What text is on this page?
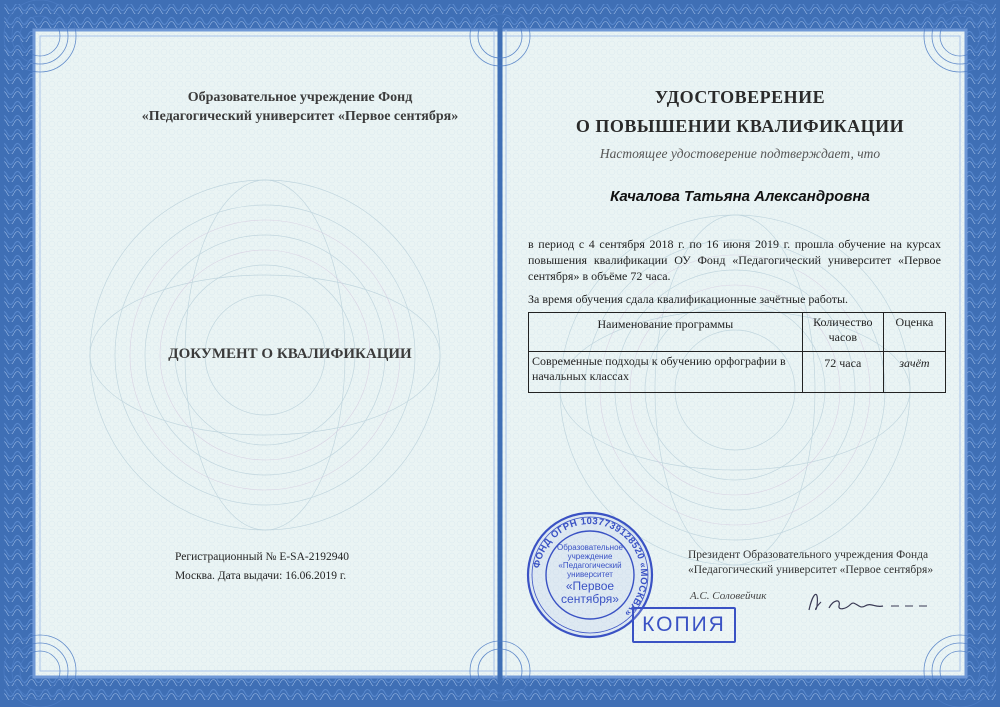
Образовательное учреждение Фонд
«Педагогический университет «Первое сентября»
ДОКУМЕНТ О КВАЛИФИКАЦИИ
Регистрационный № E-SA-2192940
Москва. Дата выдачи: 16.06.2019 г.
УДОСТОВЕРЕНИЕ
О ПОВЫШЕНИИ КВАЛИФИКАЦИИ
Настоящее удостоверение подтверждает, что
Качалова Татьяна Александровна
в период с 4 сентября 2018 г. по 16 июня 2019 г. прошла обучение на курсах повышения квалификации ОУ Фонд «Педагогический университет «Первое сентября» в объёме 72 часа.
За время обучения сдала квалификационные зачётные работы.
Наименование программы	Количество часов	Оценка
Современные подходы к обучению орфографии в начальных классах	72 часа	зачёт
Президент Образовательного учреждения Фонда
«Педагогический университет «Первое сентября»
А.С. Соловейчик
ФОНД ОГРН 1037739128520 «МОСКВА»
Образовательное
учреждение
«Педагогический
университет
«Первое
сентября»
КОПИЯ
